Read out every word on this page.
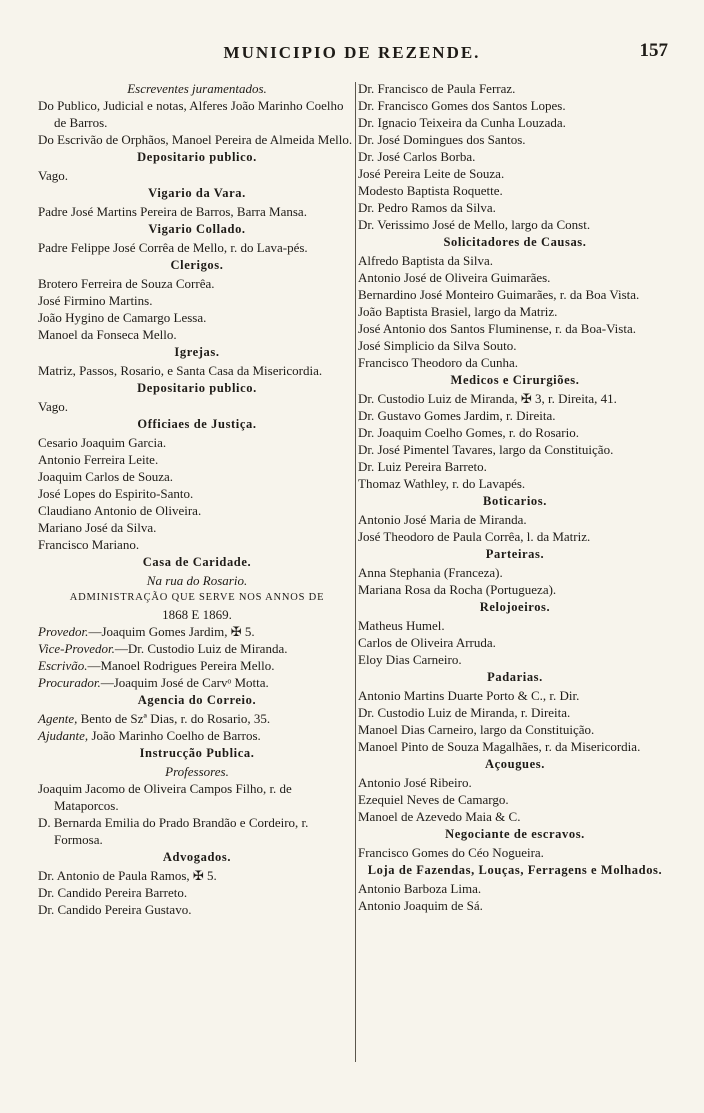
MUNICIPIO DE REZENDE.	157
Escreventes juramentados.
Do Publico, Judicial e notas, Alferes João Marinho Coelho de Barros.
Do Escrivão de Orphãos, Manoel Pereira de Almeida Mello.
Depositario publico.
Vago.
Vigario da Vara.
Padre José Martins Pereira de Barros, Barra Mansa.
Vigario Collado.
Padre Felippe José Corrêa de Mello, r. do Lava-pés.
Clerigos.
Brotero Ferreira de Souza Corrêa.
José Firmino Martins.
João Hygino de Camargo Lessa.
Manoel da Fonseca Mello.
Igrejas.
Matriz, Passos, Rosario, e Santa Casa da Misericordia.
Depositario publico.
Vago.
Officiaes de Justiça.
Cesario Joaquim Garcia.
Antonio Ferreira Leite.
Joaquim Carlos de Souza.
José Lopes do Espirito-Santo.
Claudiano Antonio de Oliveira.
Mariano José da Silva.
Francisco Mariano.
Casa de Caridade.
Na rua do Rosario.
ADMINISTRAÇÃO QUE SERVE NOS ANNOS DE
1868 E 1869.
Provedor.—Joaquim Gomes Jardim, ✠ 5.
Vice-Provedor.—Dr. Custodio Luiz de Miranda.
Escrivão.—Manoel Rodrigues Pereira Mello.
Procurador.—Joaquim José de Carvᵒ Motta.
Agencia do Correio.
Agente, Bento de Szª Dias, r. do Rosario, 35.
Ajudante, João Marinho Coelho de Barros.
Instrucção Publica.
Professores.
Joaquim Jacomo de Oliveira Campos Filho, r. de Mataporcos.
D. Bernarda Emilia do Prado Brandão e Cordeiro, r. Formosa.
Advogados.
Dr. Antonio de Paula Ramos, ✠ 5.
Dr. Candido Pereira Barreto.
Dr. Candido Pereira Gustavo.
Dr. Francisco de Paula Ferraz.
Dr. Francisco Gomes dos Santos Lopes.
Dr. Ignacio Teixeira da Cunha Louzada.
Dr. José Domingues dos Santos.
Dr. José Carlos Borba.
José Pereira Leite de Souza.
Modesto Baptista Roquette.
Dr. Pedro Ramos da Silva.
Dr. Verissimo José de Mello, largo da Const.
Solicitadores de Causas.
Alfredo Baptista da Silva.
Antonio José de Oliveira Guimarães.
Bernardino José Monteiro Guimarães, r. da Boa Vista.
João Baptista Brasiel, largo da Matriz.
José Antonio dos Santos Fluminense, r. da Boa-Vista.
José Simplicio da Silva Souto.
Francisco Theodoro da Cunha.
Medicos e Cirurgiões.
Dr. Custodio Luiz de Miranda, ✠ 3, r. Direita, 41.
Dr. Gustavo Gomes Jardim, r. Direita.
Dr. Joaquim Coelho Gomes, r. do Rosario.
Dr. José Pimentel Tavares, largo da Constituição.
Dr. Luiz Pereira Barreto.
Thomaz Wathley, r. do Lavapés.
Boticarios.
Antonio José Maria de Miranda.
José Theodoro de Paula Corrêa, l. da Matriz.
Parteiras.
Anna Stephania (Franceza).
Mariana Rosa da Rocha (Portugueza).
Relojoeiros.
Matheus Humel.
Carlos de Oliveira Arruda.
Eloy Dias Carneiro.
Padarias.
Antonio Martins Duarte Porto & C., r. Dir.
Dr. Custodio Luiz de Miranda, r. Direita.
Manoel Dias Carneiro, largo da Constituição.
Manoel Pinto de Souza Magalhães, r. da Misericordia.
Açougues.
Antonio José Ribeiro.
Ezequiel Neves de Camargo.
Manoel de Azevedo Maia & C.
Negociante de escravos.
Francisco Gomes do Céo Nogueira.
Loja de Fazendas, Louças, Ferragens e Molhados.
Antonio Barboza Lima.
Antonio Joaquim de Sá.
